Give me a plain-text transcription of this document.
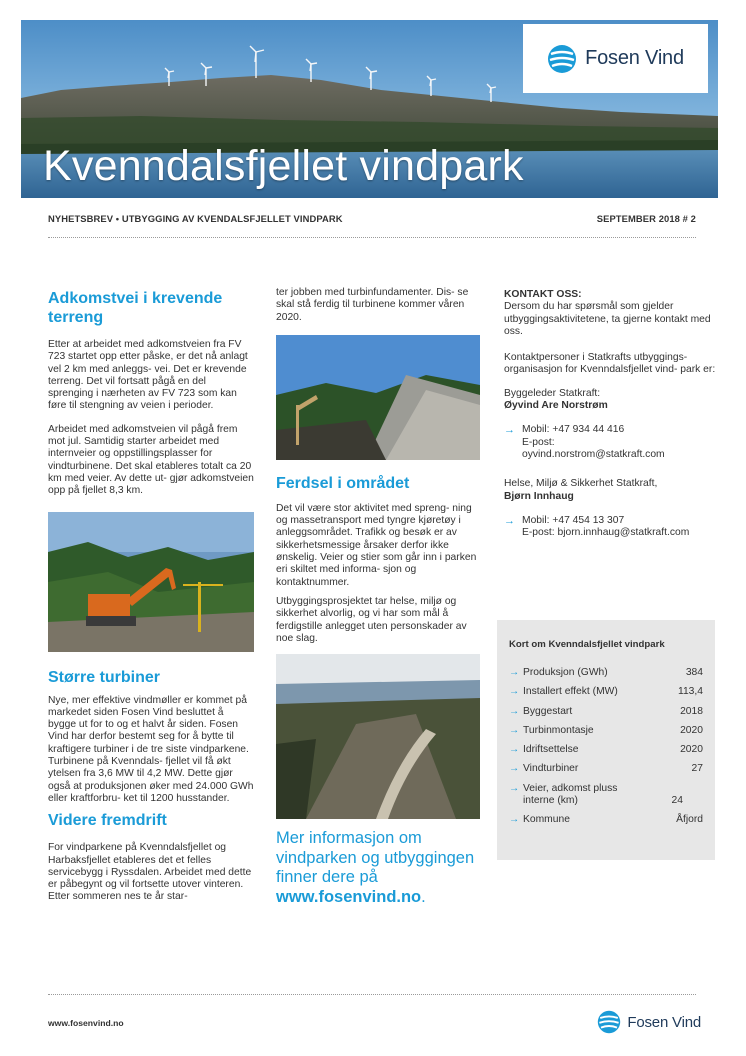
Fosen Vind
Kvenndalsfjellet vindpark
NYHETSBREV • UTBYGGING AV KVENDALSFJELLET VINDPARK	SEPTEMBER 2018 # 2
Adkomstvei i krevende terreng

Etter at arbeidet med adkomstveien fra FV 723 startet opp etter påske, er det nå anlagt vel 2 km med anleggs- vei. Det er krevende terreng. Det vil fortsatt pågå en del sprenging i nærheten av FV 723 som kan føre til stengning av veien i perioder.

Arbeidet med adkomstveien vil pågå frem mot jul. Samtidig starter arbeidet med internveier og oppstillingsplasser for vindturbinene. Det skal etableres totalt ca 20 km med veier. Av dette ut- gjør adkomstveien opp på fjellet 8,3 km.

Større turbiner

Nye, mer effektive vindmøller er kommet på markedet siden Fosen Vind besluttet å bygge ut for to og et halvt år siden. Fosen Vind har derfor bestemt seg for å bytte til kraftigere turbiner i de tre siste vindparkene. Turbinene på Kvenndals- fjellet vil få økt ytelsen fra 3,6 MW til 4,2 MW. Dette gjør også at produksjonen øker med 24.000 GWh eller kraftforbru- ket til 1200 husstander.

Videre fremdrift

For vindparkene på Kvenndalsfjellet og Harbaksfjellet etableres det et felles servicebygg i Ryssdalen. Arbeidet med dette er påbegynt og vil fortsette utover vinteren. Etter sommeren nes te år star-

ter jobben med turbinfundamenter. Dis- se skal stå ferdig til turbinene kommer våren 2020.

Ferdsel i området

Det vil være stor aktivitet med spreng- ning og massetransport med tyngre kjøretøy i anleggsområdet. Trafikk og besøk er av sikkerhetsmessige årsaker derfor ikke ønskelig. Veier og stier som går inn i parken eri skiltet med informa- sjon og kontaktnummer.

Utbyggingsprosjektet tar helse, miljø og sikkerhet alvorlig, og vi har som mål å ferdigstille anlegget uten personskader av noe slag.

Mer informasjon om vindparken og utbyggingen finner dere på www.fosenvind.no.
KONTAKT OSS:

Dersom du har spørsmål som gjelder utbyggingsaktivitetene, ta gjerne kontakt med oss.

Kontaktpersoner i Statkrafts utbyggings- organisasjon for Kvenndalsfjellet vind- park er:

Byggeleder Statkraft:
Øyvind Are Norstrøm
→ Mobil: +47 934 44 416
E-post:
oyvind.norstrom@statkraft.com
Helse, Miljø & Sikkerhet Statkraft,
Bjørn Innhaug
→ Mobil: +47 454 13 307
E-post: bjorn.innhaug@statkraft.com
Kort om Kvenndalsfjellet vindpark
→ Produksjon (GWh)	384
→ Installert effekt (MW)	113,4
→ Byggestart	2018
→ Turbinmontasje	2020
→ Idriftsettelse	2020
→ Vindturbiner	27
→ Veier, adkomst pluss interne (km)	24
→ Kommune	Åfjord
www.fosenvind.no	Fosen Vind
